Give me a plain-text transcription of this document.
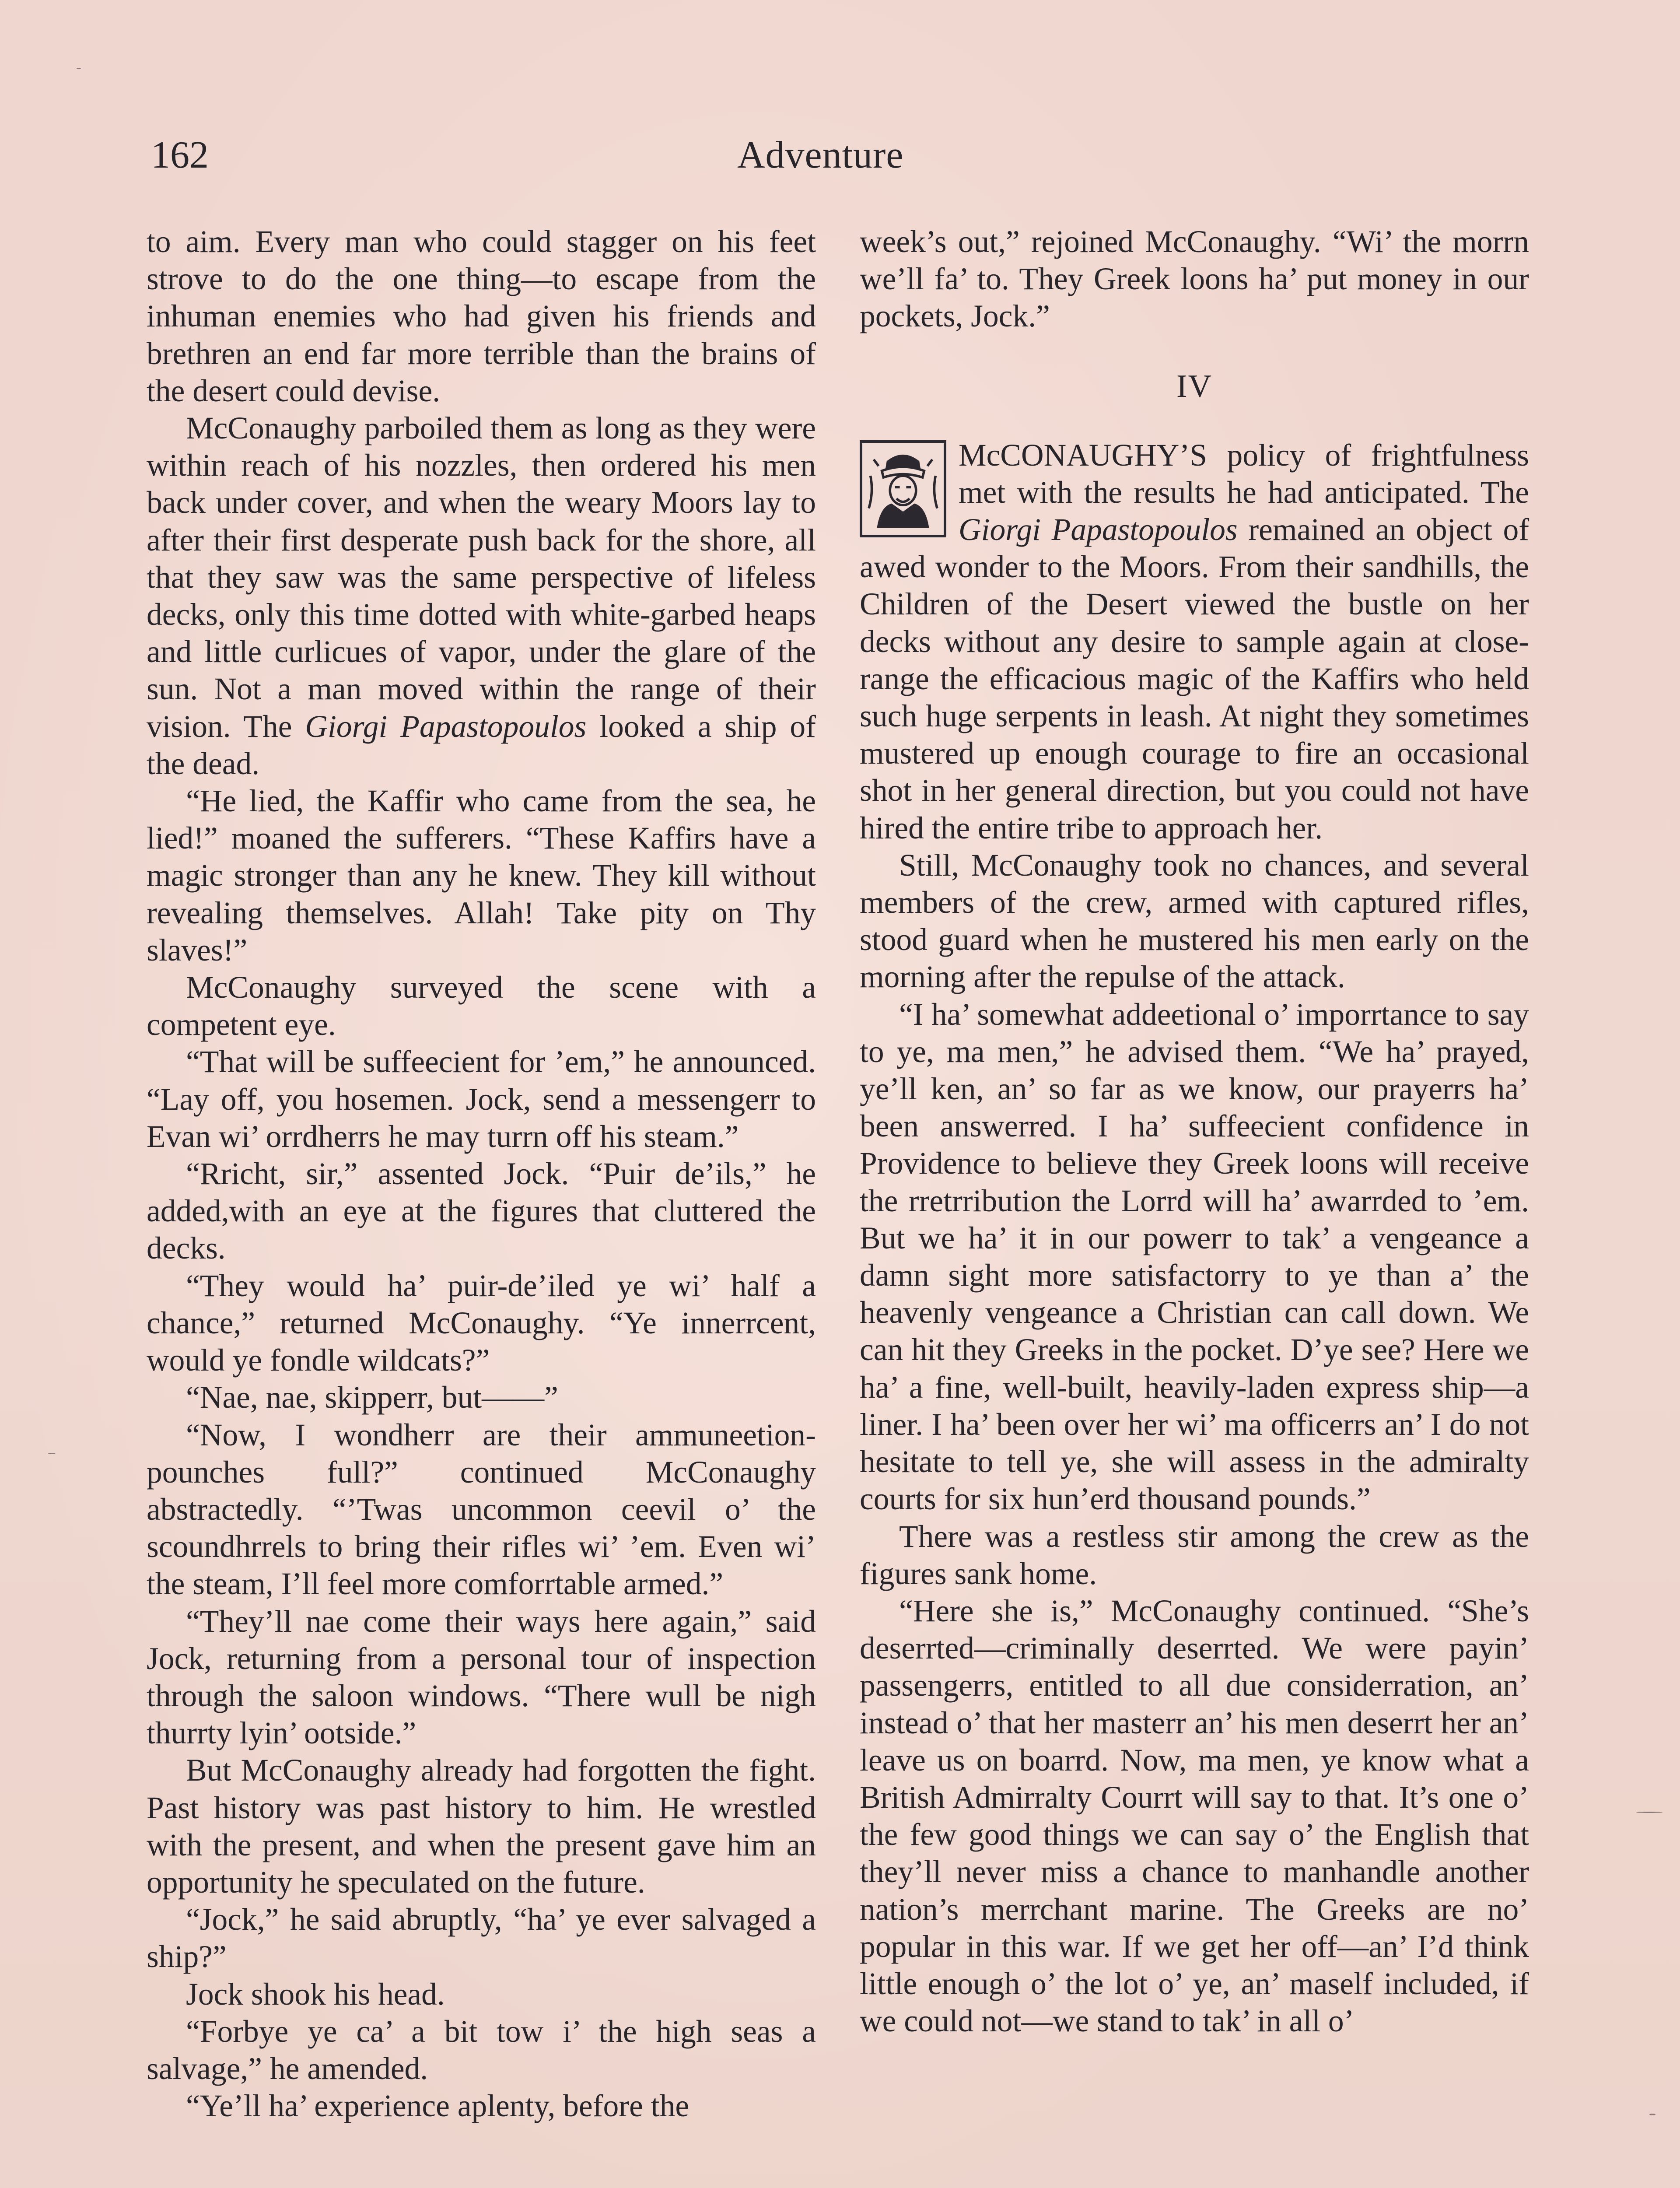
162	Adventure

to aim. Every man who could stagger on his feet strove to do the one thing—to escape from the inhuman enemies who had given his friends and brethren an end far more terrible than the brains of the desert could devise.

McConaughy parboiled them as long as they were within reach of his nozzles, then ordered his men back under cover, and when the weary Moors lay to after their first desperate push back for the shore, all that they saw was the same perspective of lifeless decks, only this time dotted with white-garbed heaps and little curlicues of vapor, under the glare of the sun. Not a man moved within the range of their vision. The Giorgi Papastopoulos looked a ship of the dead.

“He lied, the Kaffir who came from the sea, he lied!” moaned the sufferers. “These Kaffirs have a magic stronger than any he knew. They kill without revealing themselves. Allah! Take pity on Thy slaves!”

McConaughy surveyed the scene with a competent eye.

“That will be suffeecient for ’em,” he announced. “Lay off, you hosemen. Jock, send a messengerr to Evan wi’ orrdherrs he may turrn off his steam.”

“Rricht, sir,” assented Jock. “Puir de’ils,” he added,with an eye at the figures that cluttered the decks.

“They would ha’ puir-de’iled ye wi’ half a chance,” returned McConaughy. “Ye innerrcent, would ye fondle wildcats?”

“Nae, nae, skipperr, but——”

“Now, I wondherr are their ammuneetion-pounches full?” continued McConaughy abstractedly. “’Twas uncommon ceevil o’ the scoundhrrels to bring their rifles wi’ ’em. Even wi’ the steam, I’ll feel more comforrtable armed.”

“They’ll nae come their ways here again,” said Jock, returning from a personal tour of inspection through the saloon windows. “There wull be nigh thurrty lyin’ ootside.”

But McConaughy already had forgotten the fight. Past history was past history to him. He wrestled with the present, and when the present gave him an opportunity he speculated on the future.

“Jock,” he said abruptly, “ha’ ye ever salvaged a ship?”

Jock shook his head.

“Forbye ye ca’ a bit tow i’ the high seas a salvage,” he amended.

“Ye’ll ha’ experience aplenty, before the

week’s out,” rejoined McConaughy. “Wi’ the morrn we’ll fa’ to. They Greek loons ha’ put money in our pockets, Jock.”

IV

McCONAUGHY’S policy of frightfulness met with the results he had anticipated. The Giorgi Papastopoulos remained an object of awed wonder to the Moors. From their sandhills, the Children of the Desert viewed the bustle on her decks without any desire to sample again at close-range the efficacious magic of the Kaffirs who held such huge serpents in leash. At night they sometimes mustered up enough courage to fire an occasional shot in her general direction, but you could not have hired the entire tribe to approach her.

Still, McConaughy took no chances, and several members of the crew, armed with captured rifles, stood guard when he mustered his men early on the morning after the repulse of the attack.

“I ha’ somewhat addeetional o’ imporrtance to say to ye, ma men,” he advised them. “We ha’ prayed, ye’ll ken, an’ so far as we know, our prayerrs ha’ been answerred. I ha’ suffeecient confidence in Providence to believe they Greek loons will receive the rretrribution the Lorrd will ha’ awarrded to ’em. But we ha’ it in our powerr to tak’ a vengeance a damn sight more satisfactorry to ye than a’ the heavenly vengeance a Christian can call down. We can hit they Greeks in the pocket. D’ye see? Here we ha’ a fine, well-built, heavily-laden express ship—a liner. I ha’ been over her wi’ ma officerrs an’ I do not hesitate to tell ye, she will assess in the admiralty courts for six hun’erd thousand pounds.”

There was a restless stir among the crew as the figures sank home.

“Here she is,” McConaughy continued. “She’s deserrted—criminally deserrted. We were payin’ passengerrs, entitled to all due considerration, an’ instead o’ that her masterr an’ his men deserrt her an’ leave us on boarrd. Now, ma men, ye know what a British Admirralty Courrt will say to that. It’s one o’ the few good things we can say o’ the English that they’ll never miss a chance to manhandle another nation’s merrchant marine. The Greeks are no’ popular in this war. If we get her off—an’ I’d think little enough o’ the lot o’ ye, an’ maself included, if we could not—we stand to tak’ in all o’
